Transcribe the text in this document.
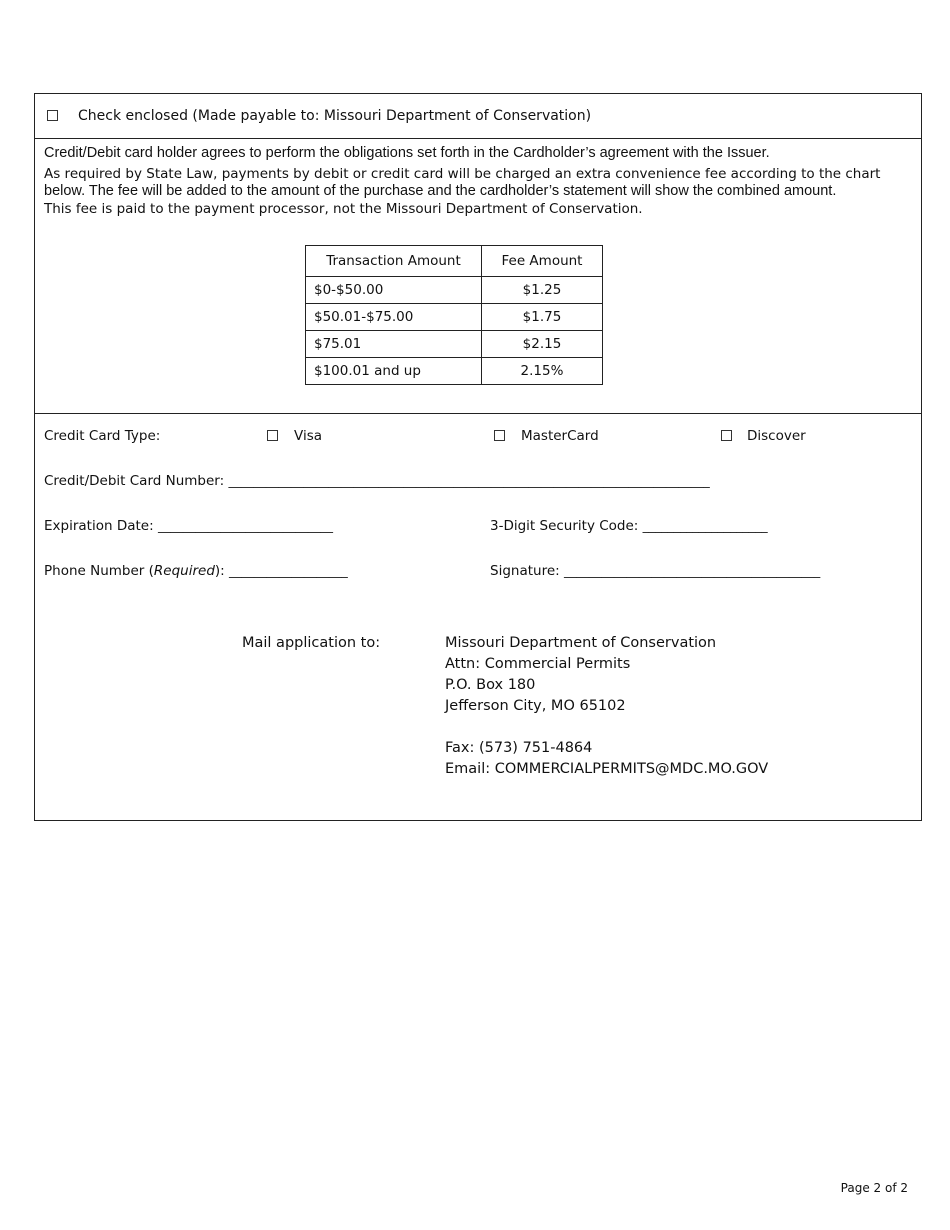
Check enclosed (Made payable to: Missouri Department of Conservation)
Credit/Debit card holder agrees to perform the obligations set forth in the Cardholder’s agreement with the Issuer.
As required by State Law, payments by debit or credit card will be charged an extra convenience fee according to the chart
below. The fee will be added to the amount of the purchase and the cardholder’s statement will show the combined amount.
This fee is paid to the payment processor, not the Missouri Department of Conservation.
Transaction Amount	Fee Amount
$0-$50.00	$1.25
$50.01-$75.00	$1.75
$75.01	$2.15
$100.01 and up	2.15%
Credit Card Type:	Visa	MasterCard	Discover
Credit/Debit Card Number: _____________________________________________________________________________
Expiration Date: ____________________________	3-Digit Security Code: ____________________
Phone Number (Required): ___________________	Signature: _________________________________________
Mail application to:	Missouri Department of Conservation
Attn: Commercial Permits
P.O. Box 180
Jefferson City, MO 65102
Fax: (573) 751-4864
Email: COMMERCIALPERMITS@MDC.MO.GOV
Page 2 of 2
